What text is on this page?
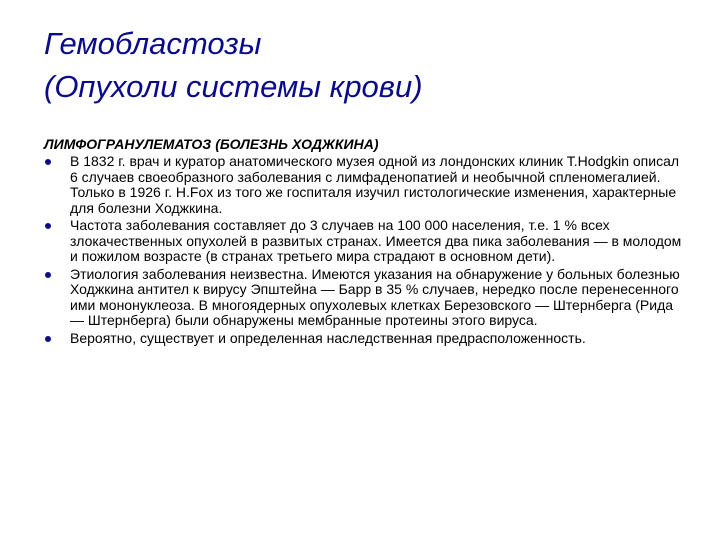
Гемобластозы
(Опухоли системы крови)

ЛИМФОГРАНУЛЕМАТОЗ (БОЛЕЗНЬ ХОДЖКИНА)

В 1832 г. врач и куратор анатомического музея одной из лондонских клиник T.Hodgkin описал 6 случаев своеобразного заболевания с лимфаденопатией и необычной спленомегалией. Только в 1926 г. H.Fox из того же госпиталя изучил гистологические изменения, характерные для болезни Ходжкина.
Частота заболевания составляет до 3 случаев на 100 000 населения, т.е. 1 % всех злокачественных опухолей в развитых странах. Имеется два пика заболевания — в молодом и пожилом возрасте (в странах третьего мира страдают в основном дети).
Этиология заболевания неизвестна. Имеются указания на обнаружение у больных болезнью Ходжкина антител к вирусу Эпштейна — Барр в 35 % случаев, нередко после перенесенного ими мононуклеоза. В многоядерных опухолевых клетках Березовского — Штернберга (Рида — Штернберга) были обнаружены мембранные протеины этого вируса.
Вероятно, существует и определенная наследственная предрасположенность.
